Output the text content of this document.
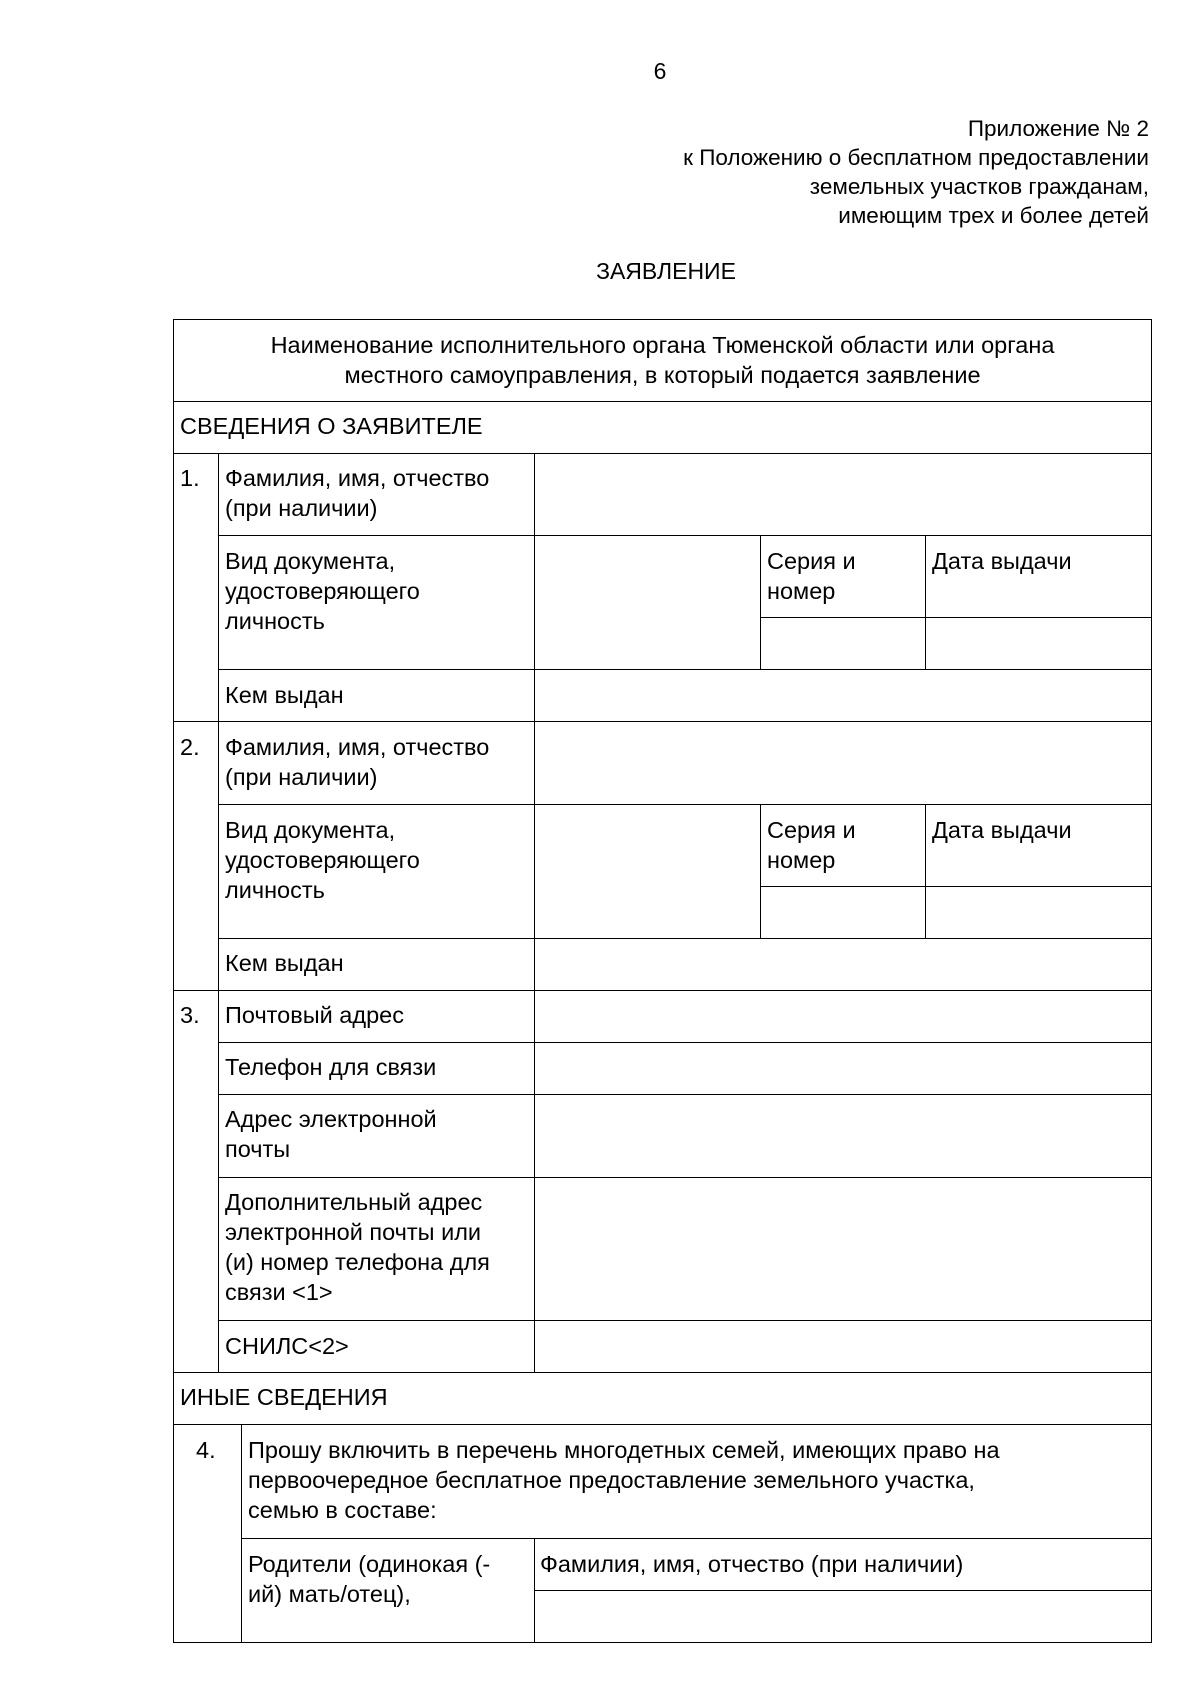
6
Приложение № 2
к Положению о бесплатном предоставлении
земельных участков гражданам,
имеющим трех и более детей
ЗАЯВЛЕНИЕ
Наименование исполнительного органа Тюменской области или органа
местного самоуправления, в который подается заявление
СВЕДЕНИЯ О ЗАЯВИТЕЛЕ
1. Фамилия, имя, отчество
(при наличии)
Вид документа,
удостоверяющего
личность
Серия и
номер
Дата выдачи
Кем выдан
2. Фамилия, имя, отчество
(при наличии)
Вид документа,
удостоверяющего
личность
Серия и
номер
Дата выдачи
Кем выдан
3. Почтовый адрес
Телефон для связи
Адрес электронной
почты
Дополнительный адрес
электронной почты или
(и) номер телефона для
связи <1>
СНИЛС<2>
ИНЫЕ СВЕДЕНИЯ
4. Прошу включить в перечень многодетных семей, имеющих право на
первоочередное бесплатное предоставление земельного участка,
семью в составе:
Родители (одинокая (-
ий) мать/отец),
Фамилия, имя, отчество (при наличии)
